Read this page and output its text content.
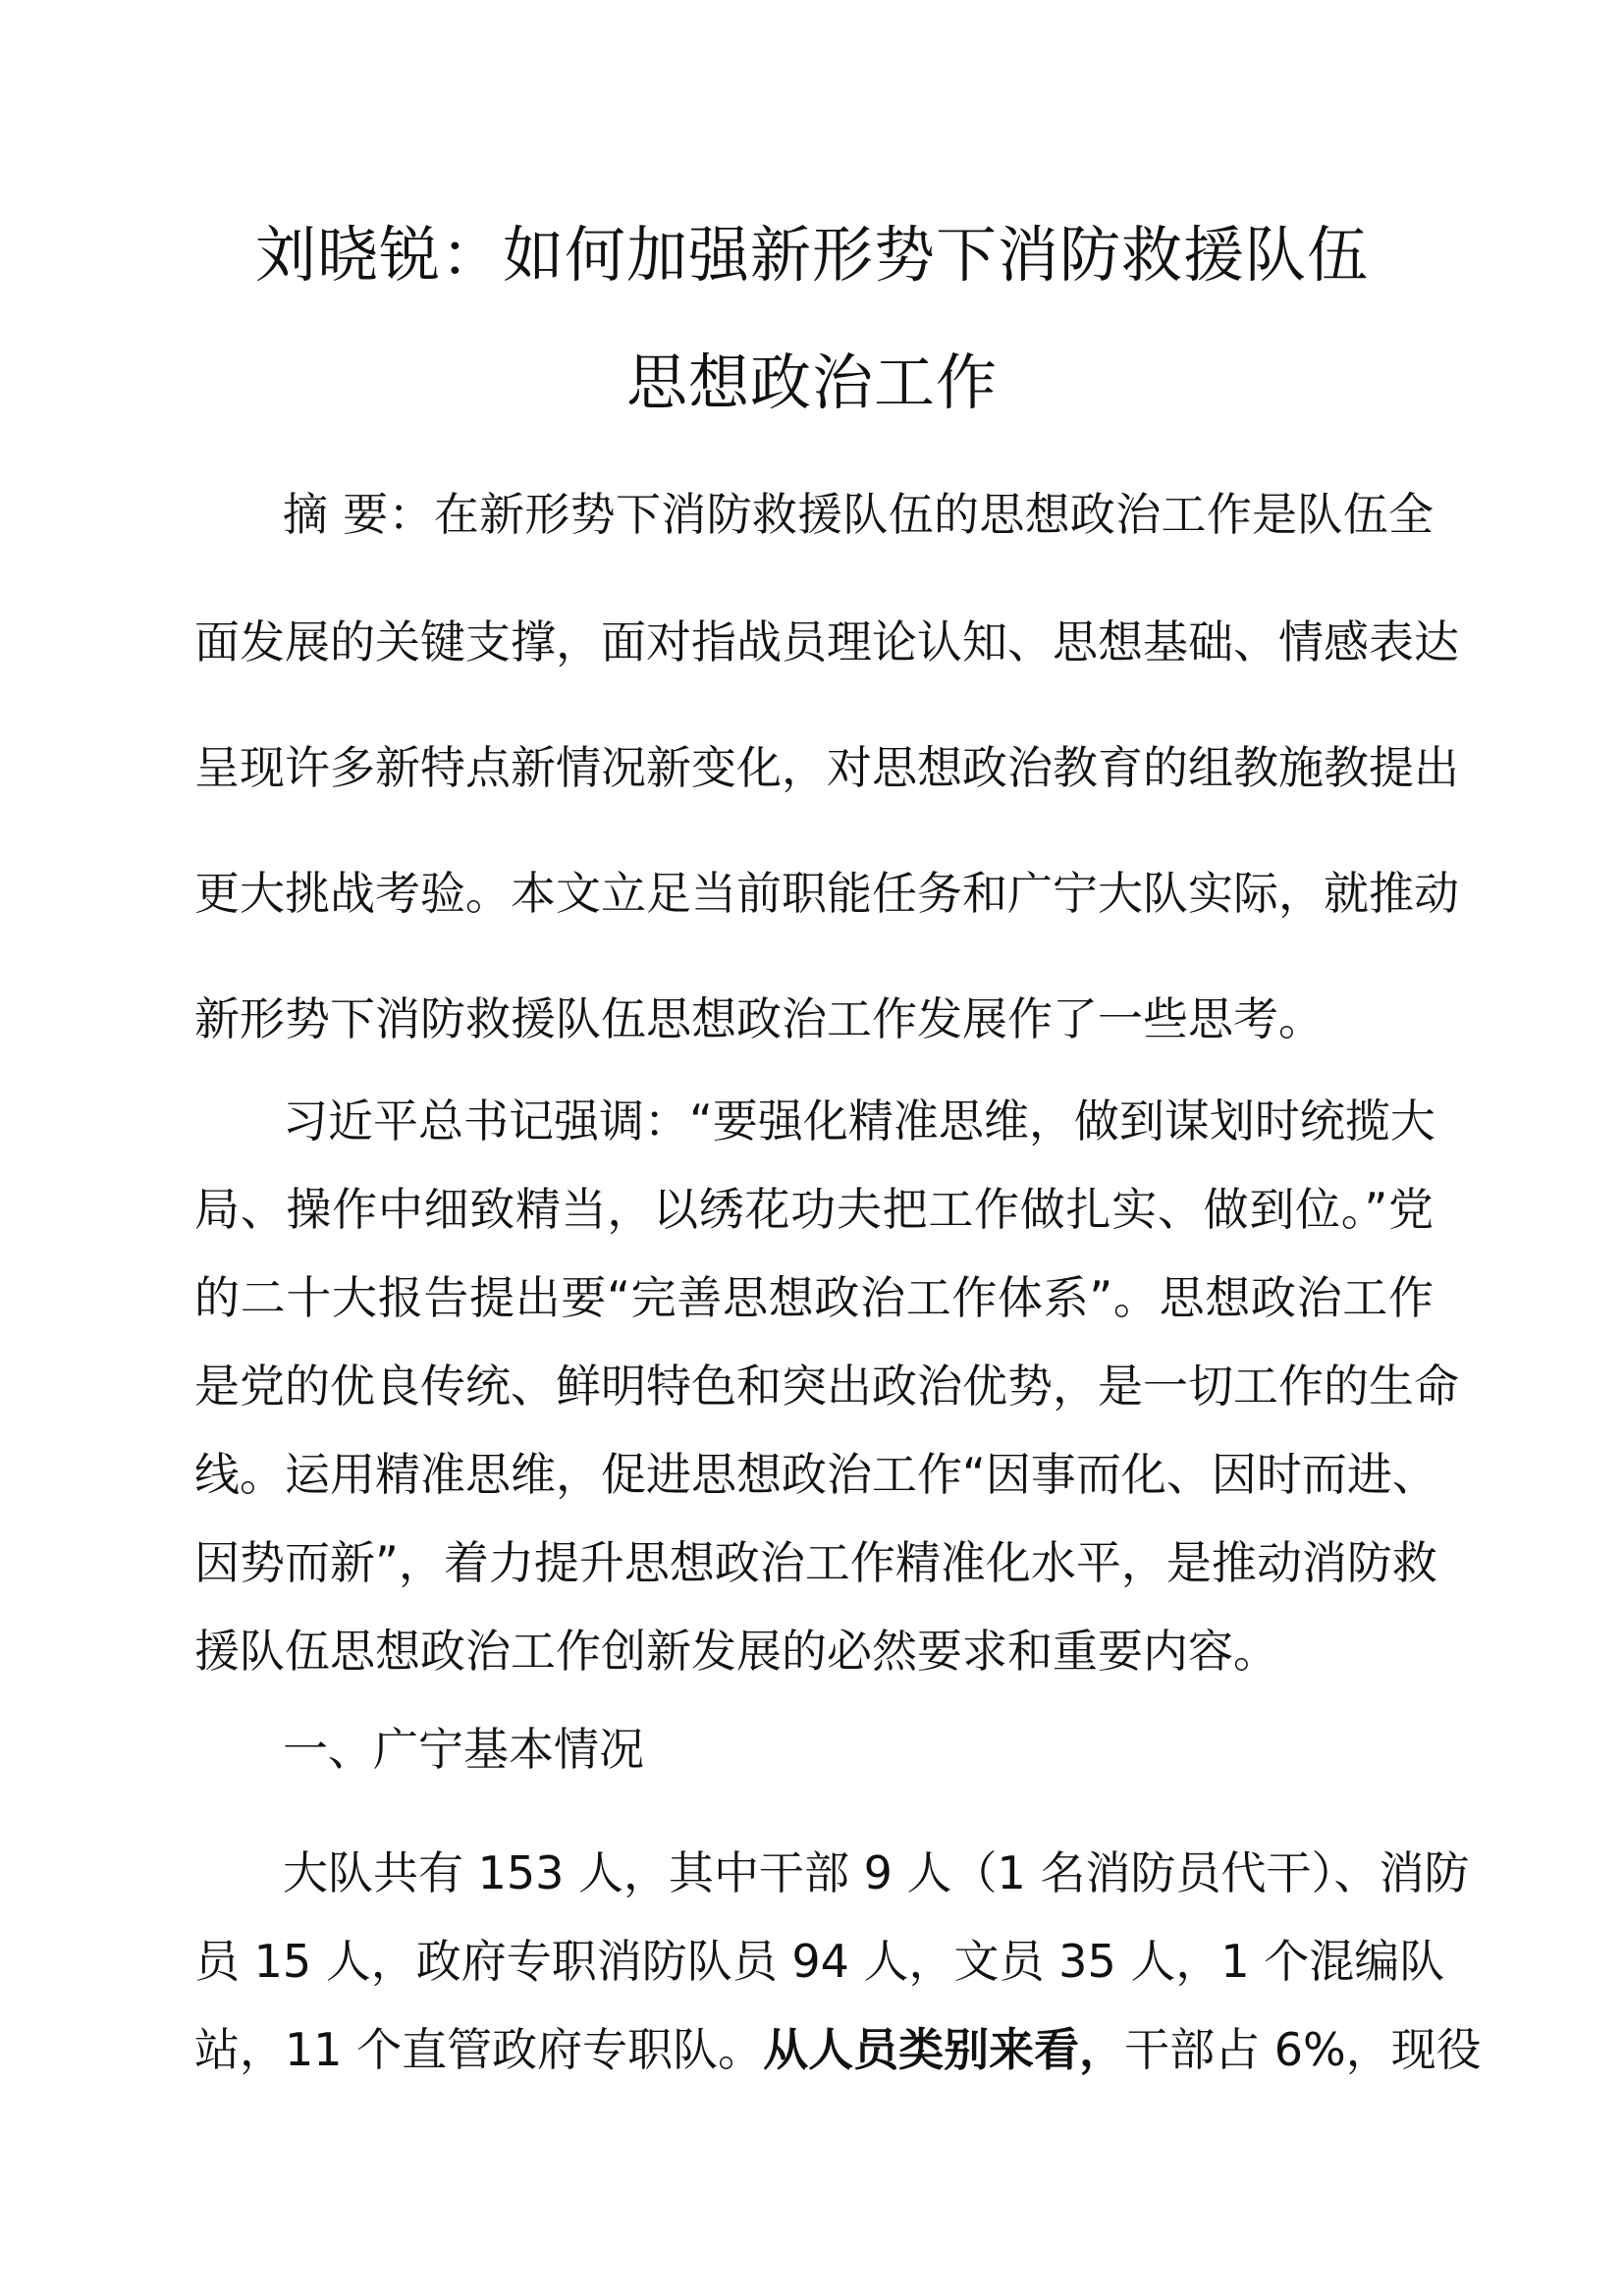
刘晓锐：如何加强新形势下消防救援队伍
思想政治工作

摘 要：在新形势下消防救援队伍的思想政治工作是队伍全

面发展的关键支撑，面对指战员理论认知、思想基础、情感表达

呈现许多新特点新情况新变化，对思想政治教育的组教施教提出

更大挑战考验。本文立足当前职能任务和广宁大队实际，就推动

新形势下消防救援队伍思想政治工作发展作了一些思考。

习近平总书记强调：“要强化精准思维，做到谋划时统揽大

局、操作中细致精当，以绣花功夫把工作做扎实、做到位。”党

的二十大报告提出要“完善思想政治工作体系”。思想政治工作

是党的优良传统、鲜明特色和突出政治优势，是一切工作的生命

线。运用精准思维，促进思想政治工作“因事而化、因时而进、

因势而新”，着力提升思想政治工作精准化水平，是推动消防救

援队伍思想政治工作创新发展的必然要求和重要内容。

一、广宁基本情况

大队共有 153 人，其中干部 9 人（1 名消防员代干）、消防

员 15 人，政府专职消防队员 94 人，文员 35 人，1 个混编队

站，11 个直管政府专职队。从人员类别来看，干部占 6%，现役
